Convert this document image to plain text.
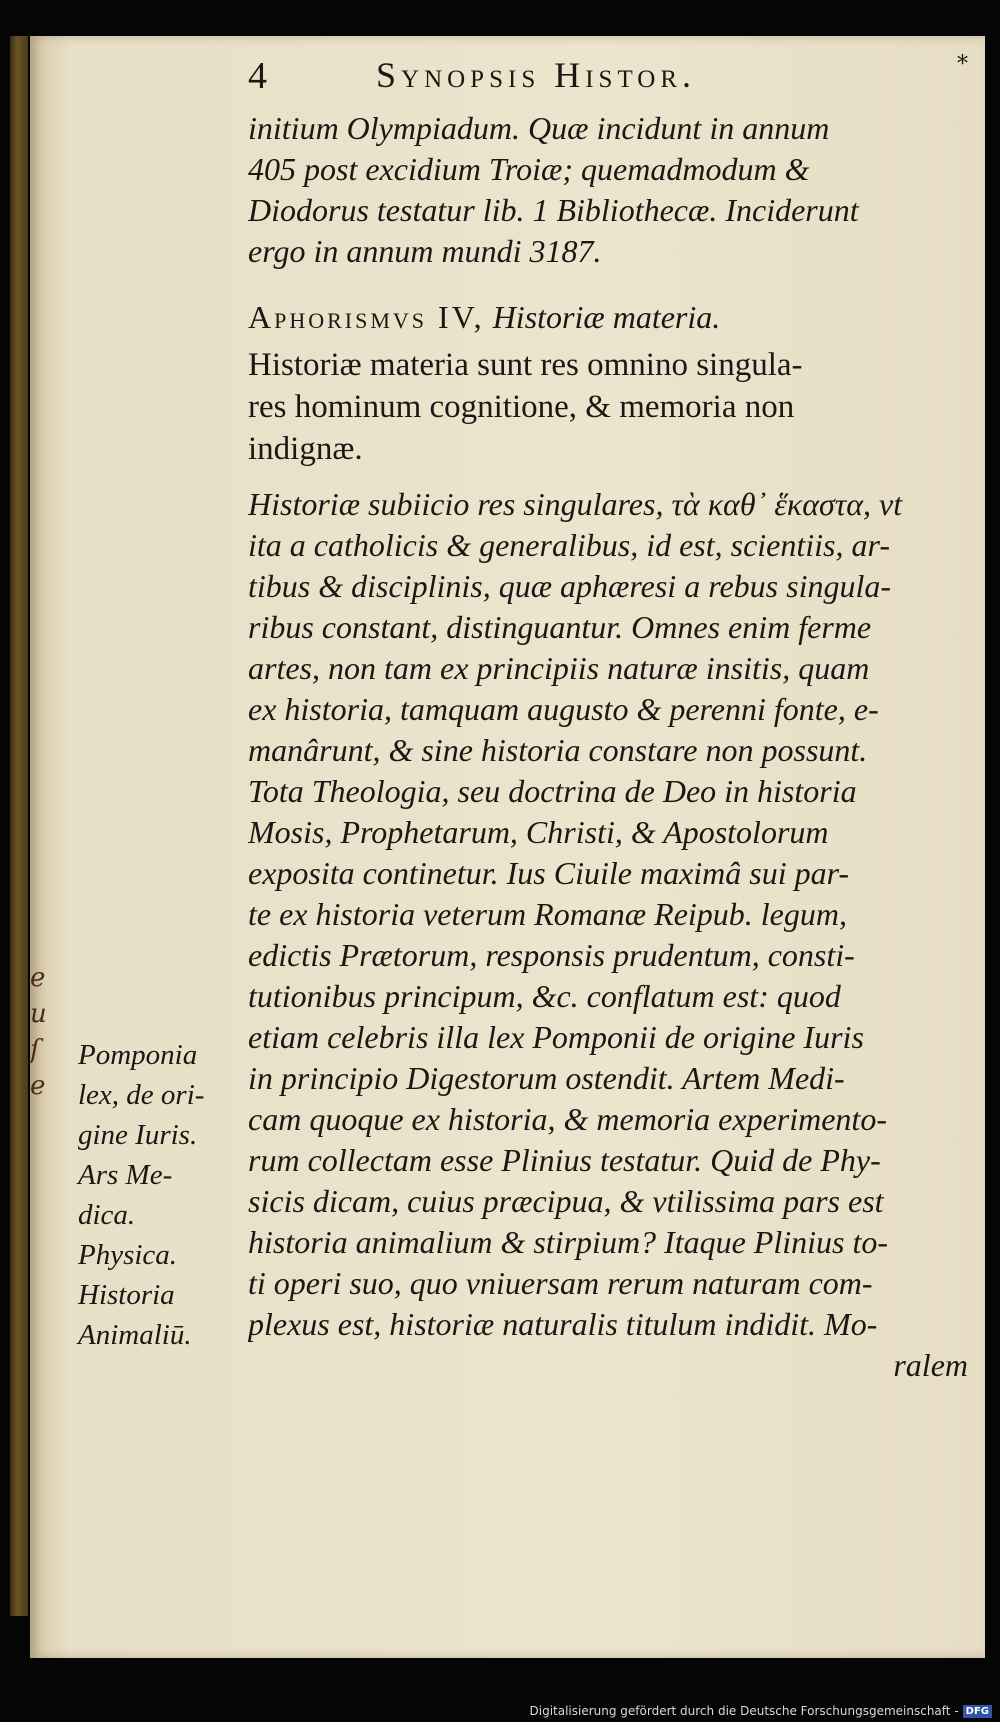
e
u
ſ
e
4	Synopsis Histor.	*
initium Olympiadum. Quæ incidunt in annum
405 post excidium Troiæ; quemadmodum &
Diodorus testatur lib. 1 Bibliothecæ. Inciderunt
ergo in annum mundi 3187.
Aphorismvs IV, Historiæ materia.
Historiæ materia sunt res omnino singula-
res hominum cognitione, & memoria non
indignæ.
Historiæ subiicio res singulares, τὰ καθ᾽ ἕκαστα, vt
ita a catholicis & generalibus, id est, scientiis, ar-
tibus & disciplinis, quæ aphæresi a rebus singula-
ribus constant, distinguantur. Omnes enim ferme
artes, non tam ex principiis naturæ insitis, quam
ex historia, tamquam augusto & perenni fonte, e-
manârunt, & sine historia constare non possunt.
Tota Theologia, seu doctrina de Deo in historia
Mosis, Prophetarum, Christi, & Apostolorum
exposita continetur. Ius Ciuile maximâ sui par-
te ex historia veterum Romanæ Reipub. legum,
edictis Prætorum, responsis prudentum, consti-
tutionibus principum, &c. conflatum est: quod
etiam celebris illa lex Pomponii de origine Iuris
in principio Digestorum ostendit. Artem Medi-
cam quoque ex historia, & memoria experimento-
rum collectam esse Plinius testatur. Quid de Phy-
sicis dicam, cuius præcipua, & vtilissima pars est
historia animalium & stirpium? Itaque Plinius to-
ti operi suo, quo vniuersam rerum naturam com-
plexus est, historiæ naturalis titulum indidit. Mo-
ralem
Pomponia
lex, de ori-
gine Iuris.
Ars Me-
dica.
Physica.
Historia
Animaliū.
Digitalisierung gefördert durch die Deutsche Forschungsgemeinschaft - DFG
